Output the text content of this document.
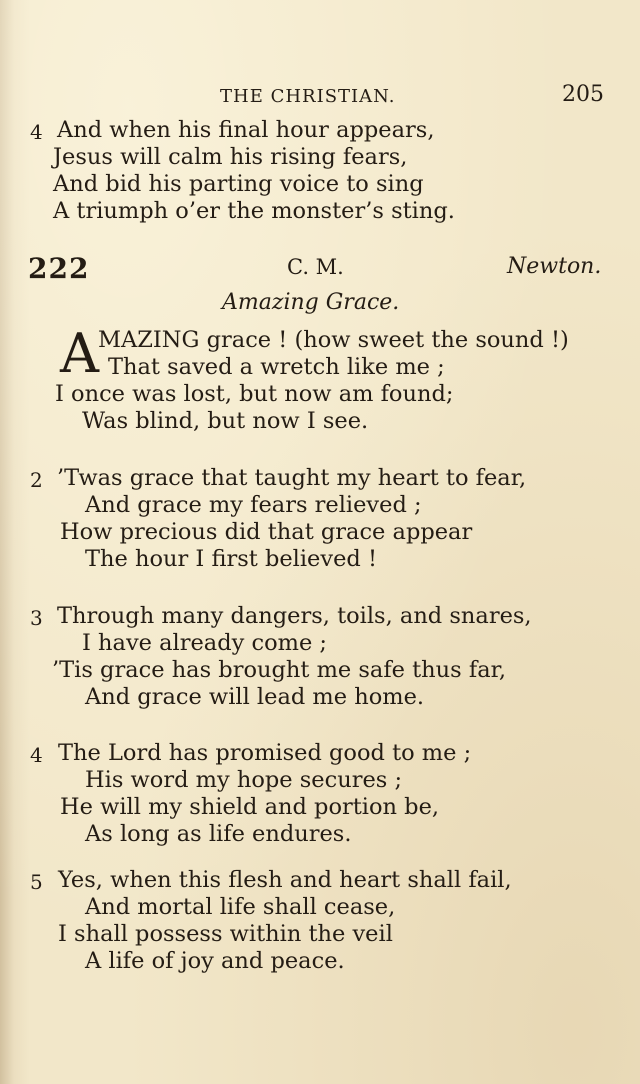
THE CHRISTIAN.	205
4 And when his final hour appears,
Jesus will calm his rising fears,
And bid his parting voice to sing
A triumph o’er the monster’s sting.
222	C. M.	Newton.
Amazing Grace.
A MAZING grace ! (how sweet the sound !)
That saved a wretch like me ;
I once was lost, but now am found;
Was blind, but now I see.
2 ’Twas grace that taught my heart to fear,
And grace my fears relieved ;
How precious did that grace appear
The hour I first believed !
3 Through many dangers, toils, and snares,
I have already come ;
’Tis grace has brought me safe thus far,
And grace will lead me home.
4 The Lord has promised good to me ;
His word my hope secures ;
He will my shield and portion be,
As long as life endures.
5 Yes, when this flesh and heart shall fail,
And mortal life shall cease,
I shall possess within the veil
A life of joy and peace.
